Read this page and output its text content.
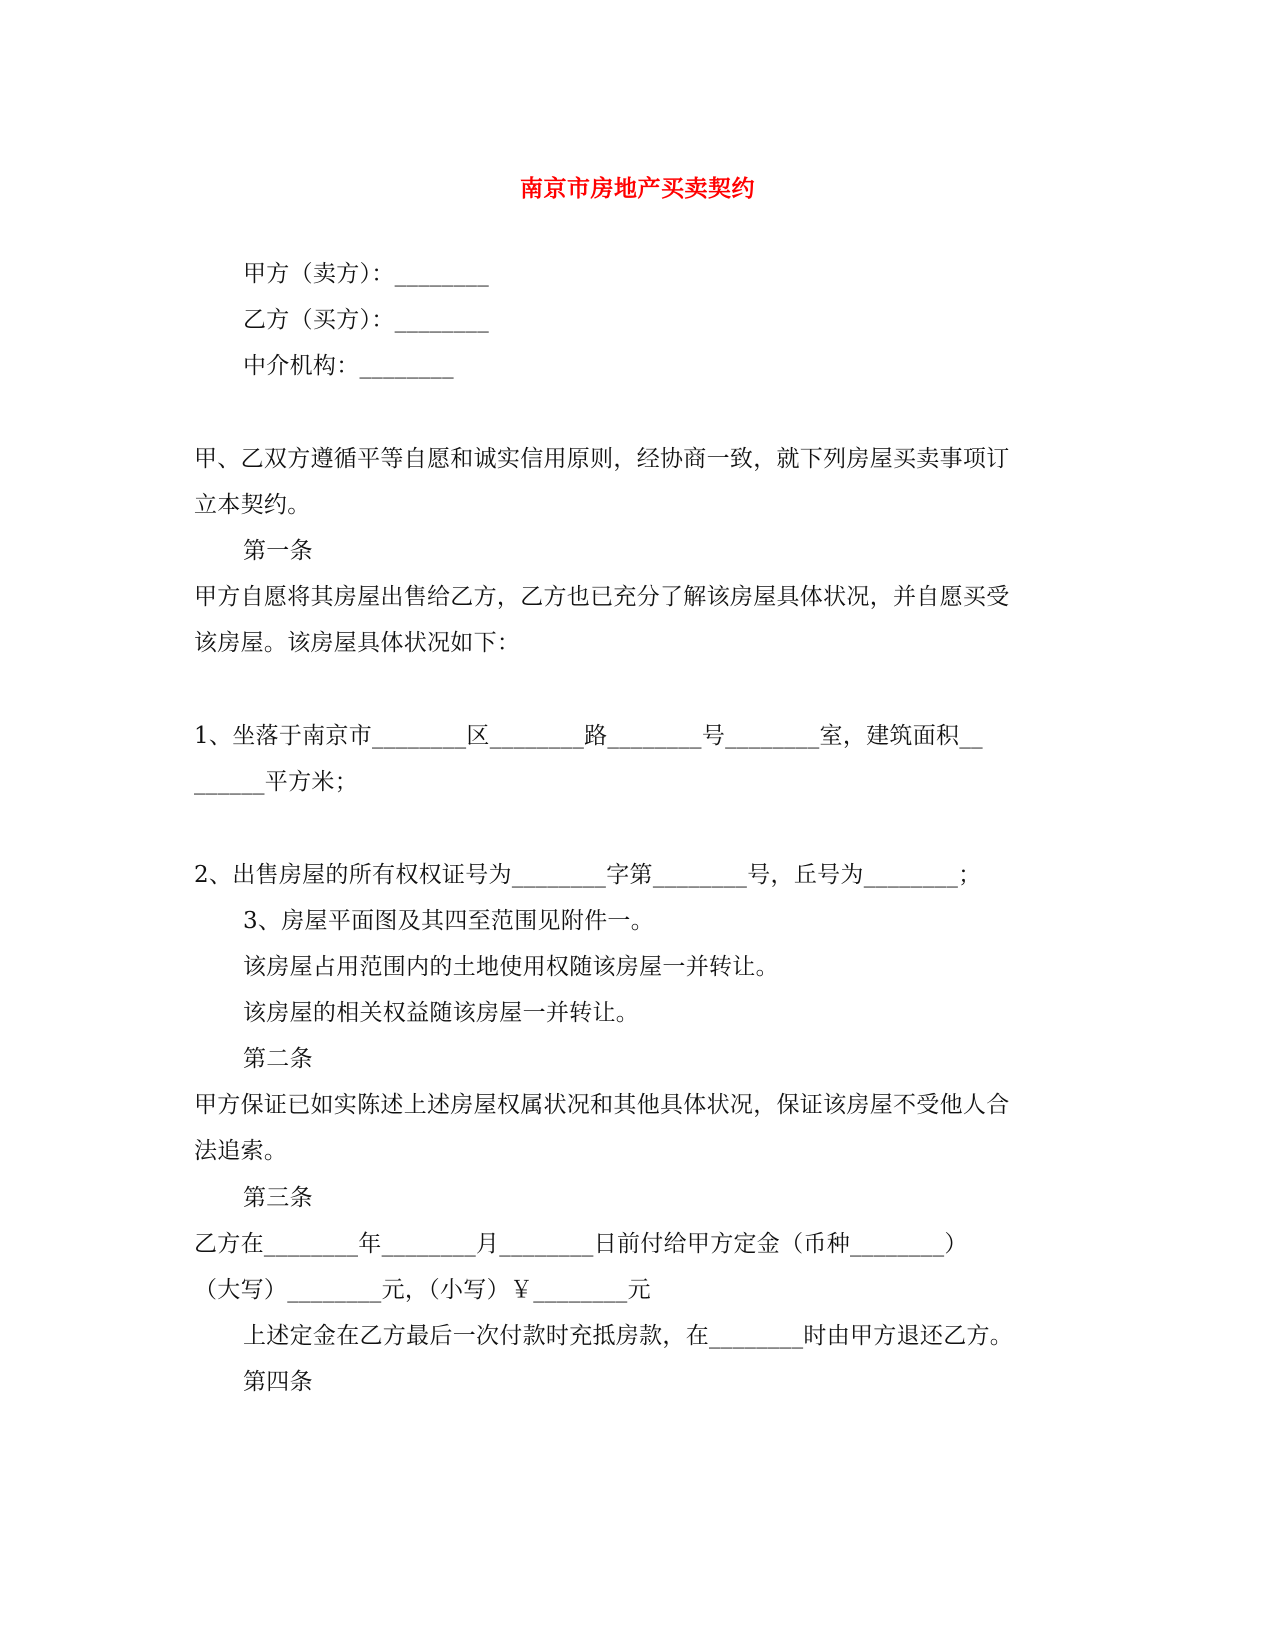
南京市房地产买卖契约
甲方（卖方）：________
乙方（买方）：________
中介机构：________
甲、乙双方遵循平等自愿和诚实信用原则，经协商一致，就下列房屋买卖事项订
立本契约。
第一条
甲方自愿将其房屋出售给乙方，乙方也已充分了解该房屋具体状况，并自愿买受
该房屋。该房屋具体状况如下：
1、坐落于南京市________区________路________号________室，建筑面积__
______平方米；
2、出售房屋的所有权权证号为________字第________号，丘号为________；
3、房屋平面图及其四至范围见附件一。
该房屋占用范围内的土地使用权随该房屋一并转让。
该房屋的相关权益随该房屋一并转让。
第二条
甲方保证已如实陈述上述房屋权属状况和其他具体状况，保证该房屋不受他人合
法追索。
第三条
乙方在________年________月________日前付给甲方定金（币种________）
（大写）________元，（小写）￥________元
上述定金在乙方最后一次付款时充抵房款，在________时由甲方退还乙方。
第四条
